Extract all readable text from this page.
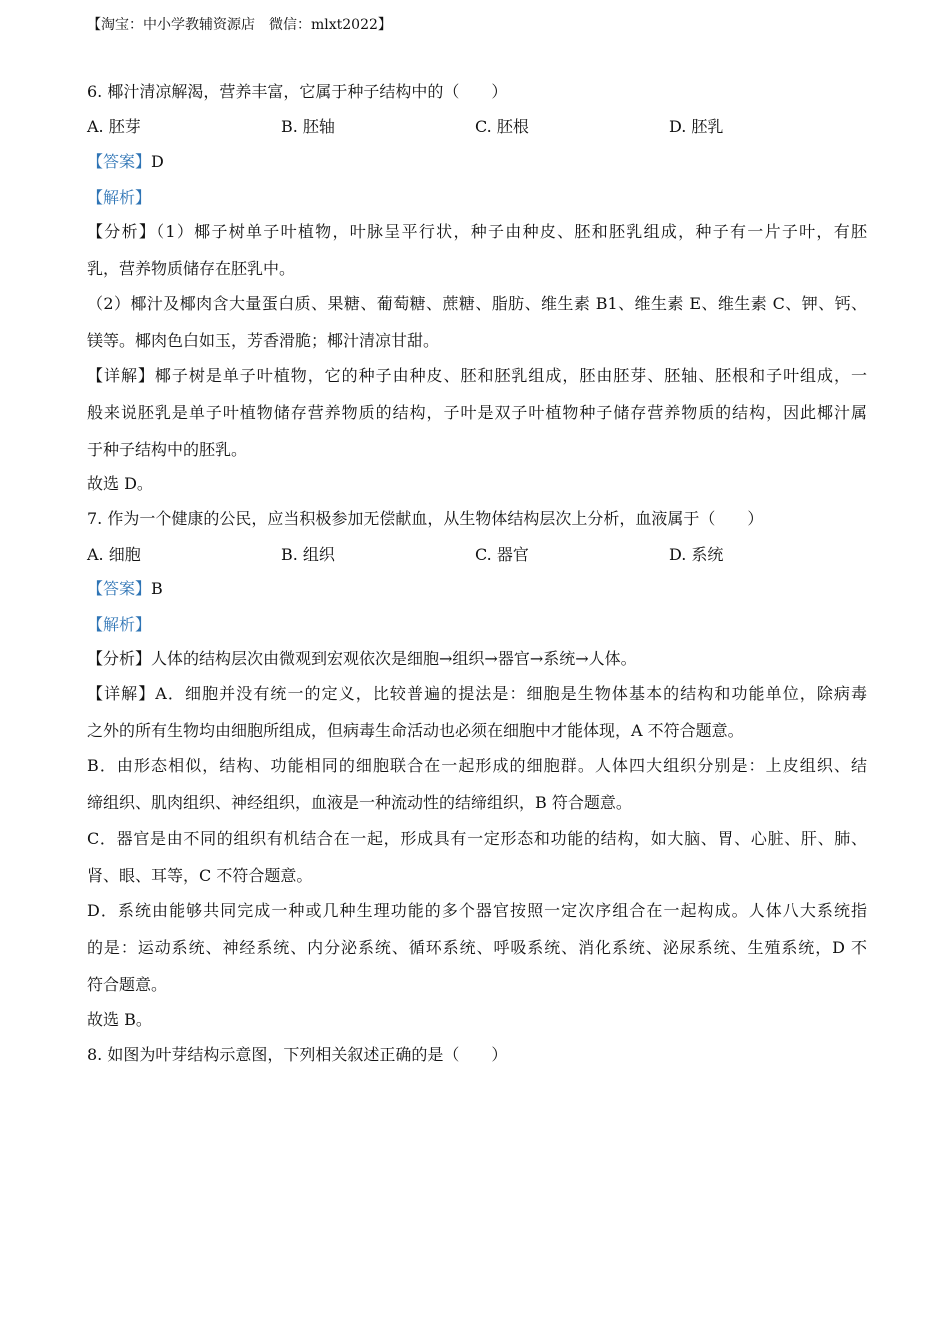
【淘宝：中小学教辅资源店　微信：mlxt2022】
6. 椰汁清凉解渴，营养丰富，它属于种子结构中的（　　）
A. 胚芽	B. 胚轴	C. 胚根	D. 胚乳
【答案】D
【解析】
【分析】（1）椰子树单子叶植物，叶脉呈平行状，种子由种皮、胚和胚乳组成，种子有一片子叶，有胚
乳，营养物质储存在胚乳中。
（2）椰汁及椰肉含大量蛋白质、果糖、葡萄糖、蔗糖、脂肪、维生素 B1、维生素 E、维生素 C、钾、钙、
镁等。椰肉色白如玉，芳香滑脆；椰汁清凉甘甜。
【详解】椰子树是单子叶植物，它的种子由种皮、胚和胚乳组成，胚由胚芽、胚轴、胚根和子叶组成，一
般来说胚乳是单子叶植物储存营养物质的结构，子叶是双子叶植物种子储存营养物质的结构，因此椰汁属
于种子结构中的胚乳。
故选 D。
7. 作为一个健康的公民，应当积极参加无偿献血，从生物体结构层次上分析，血液属于（　　）
A. 细胞	B. 组织	C. 器官	D. 系统
【答案】B
【解析】
【分析】人体的结构层次由微观到宏观依次是细胞→组织→器官→系统→人体。
【详解】A．细胞并没有统一的定义，比较普遍的提法是：细胞是生物体基本的结构和功能单位，除病毒
之外的所有生物均由细胞所组成，但病毒生命活动也必须在细胞中才能体现，A 不符合题意。
B．由形态相似，结构、功能相同的细胞联合在一起形成的细胞群。人体四大组织分别是：上皮组织、结
缔组织、肌肉组织、神经组织，血液是一种流动性的结缔组织，B 符合题意。
C．器官是由不同的组织有机结合在一起，形成具有一定形态和功能的结构，如大脑、胃、心脏、肝、肺、
肾、眼、耳等，C 不符合题意。
D．系统由能够共同完成一种或几种生理功能的多个器官按照一定次序组合在一起构成。人体八大系统指
的是：运动系统、神经系统、内分泌系统、循环系统、呼吸系统、消化系统、泌尿系统、生殖系统，D 不
符合题意。
故选 B。
8. 如图为叶芽结构示意图，下列相关叙述正确的是（　　）
